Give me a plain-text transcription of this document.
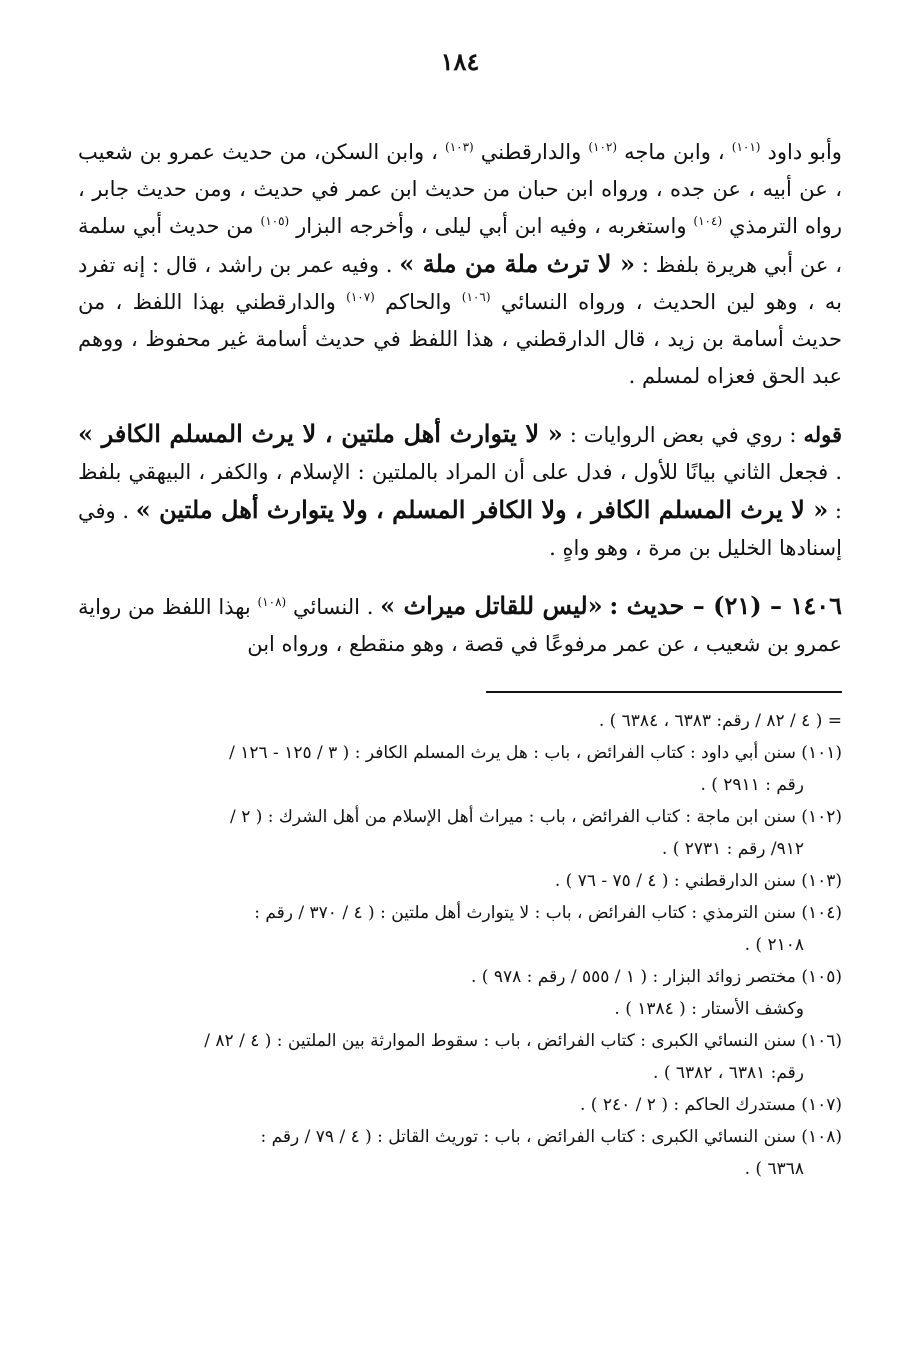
١٨٤

وأبو داود $^{(١٠١)}$ ، وابن ماجه $^{(١٠٢)}$ والدارقطني $^{(١٠٣)}$ ، وابن السكن، من حديث عمرو بن شعيب ، عن أبيه ، عن جده ، ورواه ابن حبان من حديث ابن عمر في حديث ، ومن حديث جابر ، رواه الترمذي $^{(١٠٤)}$ واستغربه ، وفيه ابن أبي ليلى ، وأخرجه البزار $^{(١٠٥)}$ من حديث أبي سلمة ، عن أبي هريرة بلفظ : « لا ترث ملة من ملة » . وفيه عمر بن راشد ، قال : إنه تفرد به ، وهو لين الحديث ، ورواه النسائي $^{(١٠٦)}$ والحاكم $^{(١٠٧)}$ والدارقطني بهذا اللفظ ، من حديث أسامة بن زيد ، قال الدارقطني ، هذا اللفظ في حديث أسامة غير محفوظ ، ووهم عبد الحق فعزاه لمسلم .

قوله : روي في بعض الروايات : « لا يتوارث أهل ملتين ، لا يرث المسلم الكافر » . فجعل الثاني بيانًا للأول ، فدل على أن المراد بالملتين : الإسلام ، والكفر ، البيهقي بلفظ : « لا يرث المسلم الكافر ، ولا الكافر المسلم ، ولا يتوارث أهل ملتين » . وفي إسنادها الخليل بن مرة ، وهو واهٍ .

١٤٠٦ – (٢١) – حديث : «ليس للقاتل ميراث » . النسائي $^{(١٠٨)}$ بهذا اللفظ من رواية عمرو بن شعيب ، عن عمر مرفوعًا في قصة ، وهو منقطع ، ورواه ابن

= ( ٤ / ٨٢ / رقم: ٦٣٨٣ ، ٦٣٨٤ ) .

(١٠١) سنن أبي داود : كتاب الفرائض ، باب : هل يرث المسلم الكافر : ( ٣ / ١٢٥ - ١٢٦ /

رقم : ٢٩١١ ) .

(١٠٢) سنن ابن ماجة : كتاب الفرائض ، باب : ميراث أهل الإسلام من أهل الشرك : ( ٢ /

٩١٢/ رقم : ٢٧٣١ ) .

(١٠٣) سنن الدارقطني : ( ٤ / ٧٥ - ٧٦ ) .

(١٠٤) سنن الترمذي : كتاب الفرائض ، باب : لا يتوارث أهل ملتين : ( ٤ / ٣٧٠ / رقم :

٢١٠٨ ) .

(١٠٥) مختصر زوائد البزار : ( ١ / ٥٥٥ / رقم : ٩٧٨ ) .

وكشف الأستار : ( ١٣٨٤ ) .

(١٠٦) سنن النسائي الكبرى : كتاب الفرائض ، باب : سقوط الموارثة بين الملتين : ( ٤ / ٨٢ /

رقم: ٦٣٨١ ، ٦٣٨٢ ) .

(١٠٧) مستدرك الحاكم : ( ٢ / ٢٤٠ ) .

(١٠٨) سنن النسائي الكبرى : كتاب الفرائض ، باب : توريث القاتل : ( ٤ / ٧٩ / رقم :

٦٣٦٨ ) .
